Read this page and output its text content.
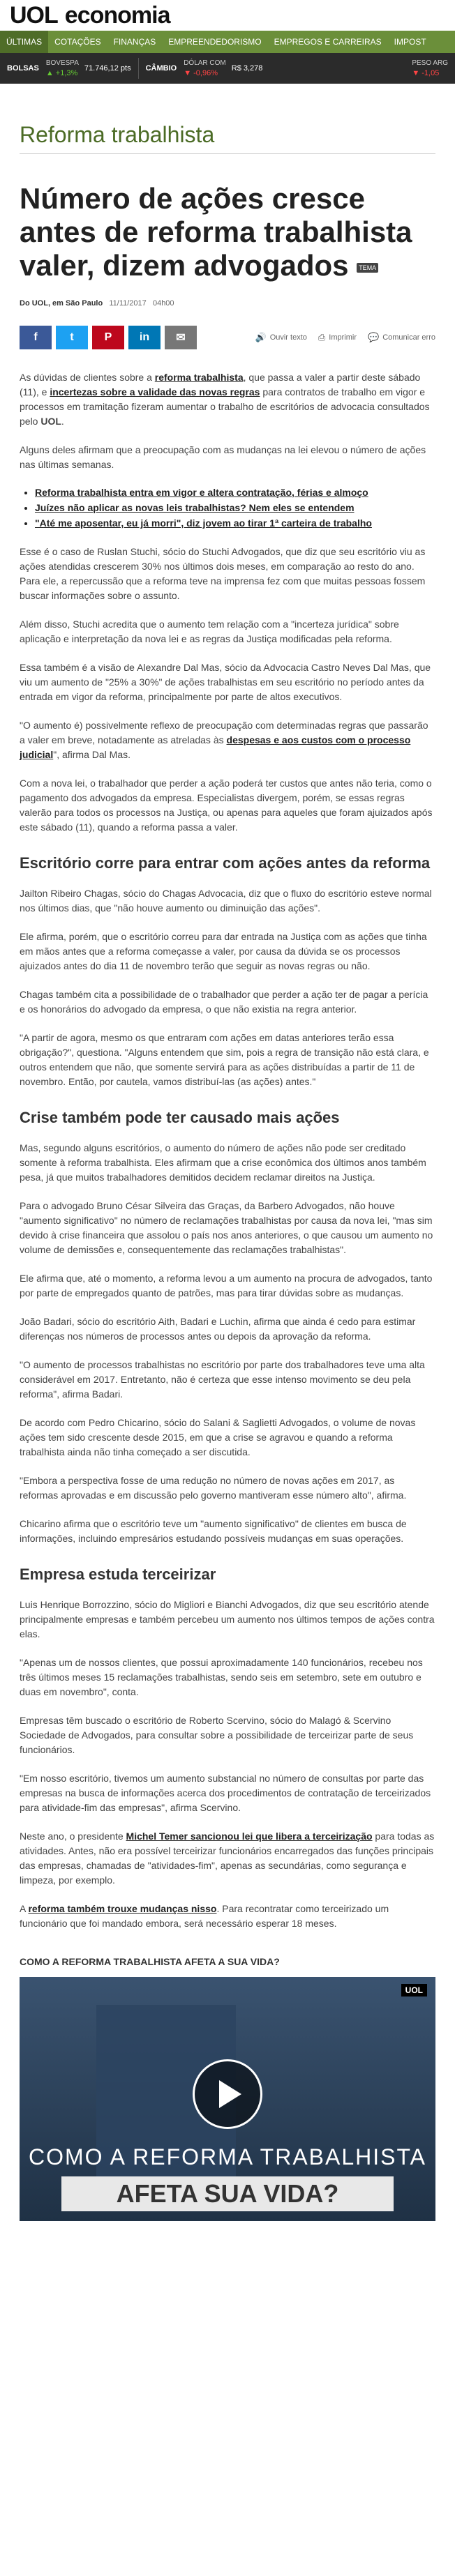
UOL economia
ÚLTIMAS	COTAÇÕES	FINANÇAS	EMPREENDEDORISMO	EMPREGOS E CARREIRAS	IMPOST
BOLSAS
BOVESPA
▲ +1,3%
71.746,12 pts CÂMBIO
DÓLAR COM
▼ -0,96%
R$ 3,278
PESO ARG
▼ -1,05
Reforma trabalhista
Número de ações cresce antes de reforma trabalhista valer, dizem advogados TEMA
Do UOL, em São Paulo 11/11/2017 04h00
f	t	P	in	✉	🔊 Ouvir texto ⎙ Imprimir 💬 Comunicar erro

As dúvidas de clientes sobre a reforma trabalhista, que passa a valer a partir deste sábado (11), e incertezas sobre a validade das novas regras para contratos de trabalho em vigor e processos em tramitação fizeram aumentar o trabalho de escritórios de advocacia consultados pelo UOL.

Alguns deles afirmam que a preocupação com as mudanças na lei elevou o número de ações nas últimas semanas.

• Reforma trabalhista entra em vigor e altera contratação, férias e almoço
• Juízes não aplicar as novas leis trabalhistas? Nem eles se entendem
• "Até me aposentar, eu já morri", diz jovem ao tirar 1ª carteira de trabalho

Esse é o caso de Ruslan Stuchi, sócio do Stuchi Advogados, que diz que seu escritório viu as ações atendidas crescerem 30% nos últimos dois meses, em comparação ao resto do ano. Para ele, a repercussão que a reforma teve na imprensa fez com que muitas pessoas fossem buscar informações sobre o assunto.

Além disso, Stuchi acredita que o aumento tem relação com a "incerteza jurídica" sobre aplicação e interpretação da nova lei e as regras da Justiça modificadas pela reforma.

Essa também é a visão de Alexandre Dal Mas, sócio da Advocacia Castro Neves Dal Mas, que viu um aumento de "25% a 30%" de ações trabalhistas em seu escritório no período antes da entrada em vigor da reforma, principalmente por parte de altos executivos.

"O aumento é) possivelmente reflexo de preocupação com determinadas regras que passarão a valer em breve, notadamente as atreladas às despesas e aos custos com o processo judicial", afirma Dal Mas.

Com a nova lei, o trabalhador que perder a ação poderá ter custos que antes não teria, como o pagamento dos advogados da empresa. Especialistas divergem, porém, se essas regras valerão para todos os processos na Justiça, ou apenas para aqueles que foram ajuizados após este sábado (11), quando a reforma passa a valer.

Escritório corre para entrar com ações antes da reforma

Jailton Ribeiro Chagas, sócio do Chagas Advocacia, diz que o fluxo do escritório esteve normal nos últimos dias, que "não houve aumento ou diminuição das ações".

Ele afirma, porém, que o escritório correu para dar entrada na Justiça com as ações que tinha em mãos antes que a reforma começasse a valer, por causa da dúvida se os processos ajuizados antes do dia 11 de novembro terão que seguir as novas regras ou não.

Chagas também cita a possibilidade de o trabalhador que perder a ação ter de pagar a perícia e os honorários do advogado da empresa, o que não existia na regra anterior.

"A partir de agora, mesmo os que entraram com ações em datas anteriores terão essa obrigação?", questiona. "Alguns entendem que sim, pois a regra de transição não está clara, e outros entendem que não, que somente servirá para as ações distribuídas a partir de 11 de novembro. Então, por cautela, vamos distribuí-las (as ações) antes."

Crise também pode ter causado mais ações

Mas, segundo alguns escritórios, o aumento do número de ações não pode ser creditado somente à reforma trabalhista. Eles afirmam que a crise econômica dos últimos anos também pesa, já que muitos trabalhadores demitidos decidem reclamar direitos na Justiça.

Para o advogado Bruno César Silveira das Graças, da Barbero Advogados, não houve "aumento significativo" no número de reclamações trabalhistas por causa da nova lei, "mas sim devido à crise financeira que assolou o país nos anos anteriores, o que causou um aumento no volume de demissões e, consequentemente das reclamações trabalhistas".

Ele afirma que, até o momento, a reforma levou a um aumento na procura de advogados, tanto por parte de empregados quanto de patrões, mas para tirar dúvidas sobre as mudanças.

João Badari, sócio do escritório Aith, Badari e Luchin, afirma que ainda é cedo para estimar diferenças nos números de processos antes ou depois da aprovação da reforma.

"O aumento de processos trabalhistas no escritório por parte dos trabalhadores teve uma alta considerável em 2017. Entretanto, não é certeza que esse intenso movimento se deu pela reforma", afirma Badari.

De acordo com Pedro Chicarino, sócio do Salani & Saglietti Advogados, o volume de novas ações tem sido crescente desde 2015, em que a crise se agravou e quando a reforma trabalhista ainda não tinha começado a ser discutida.

"Embora a perspectiva fosse de uma redução no número de novas ações em 2017, as reformas aprovadas e em discussão pelo governo mantiveram esse número alto", afirma.

Chicarino afirma que o escritório teve um "aumento significativo" de clientes em busca de informações, incluindo empresários estudando possíveis mudanças em suas operações.

Empresa estuda terceirizar

Luis Henrique Borrozzino, sócio do Migliori e Bianchi Advogados, diz que seu escritório atende principalmente empresas e também percebeu um aumento nos últimos tempos de ações contra elas.

"Apenas um de nossos clientes, que possui aproximadamente 140 funcionários, recebeu nos três últimos meses 15 reclamações trabalhistas, sendo seis em setembro, sete em outubro e duas em novembro", conta.

Empresas têm buscado o escritório de Roberto Scervino, sócio do Malagó & Scervino Sociedade de Advogados, para consultar sobre a possibilidade de terceirizar parte de seus funcionários.

"Em nosso escritório, tivemos um aumento substancial no número de consultas por parte das empresas na busca de informações acerca dos procedimentos de contratação de terceirizados para atividade-fim das empresas", afirma Scervino.

Neste ano, o presidente Michel Temer sancionou lei que libera a terceirização para todas as atividades. Antes, não era possível terceirizar funcionários encarregados das funções principais das empresas, chamadas de "atividades-fim", apenas as secundárias, como segurança e limpeza, por exemplo.

A reforma também trouxe mudanças nisso. Para recontratar como terceirizado um funcionário que foi mandado embora, será necessário esperar 18 meses.

COMO A REFORMA TRABALHISTA AFETA A SUA VIDA?
UOL
COMO A REFORMA TRABALHISTA
AFETA SUA VIDA?
